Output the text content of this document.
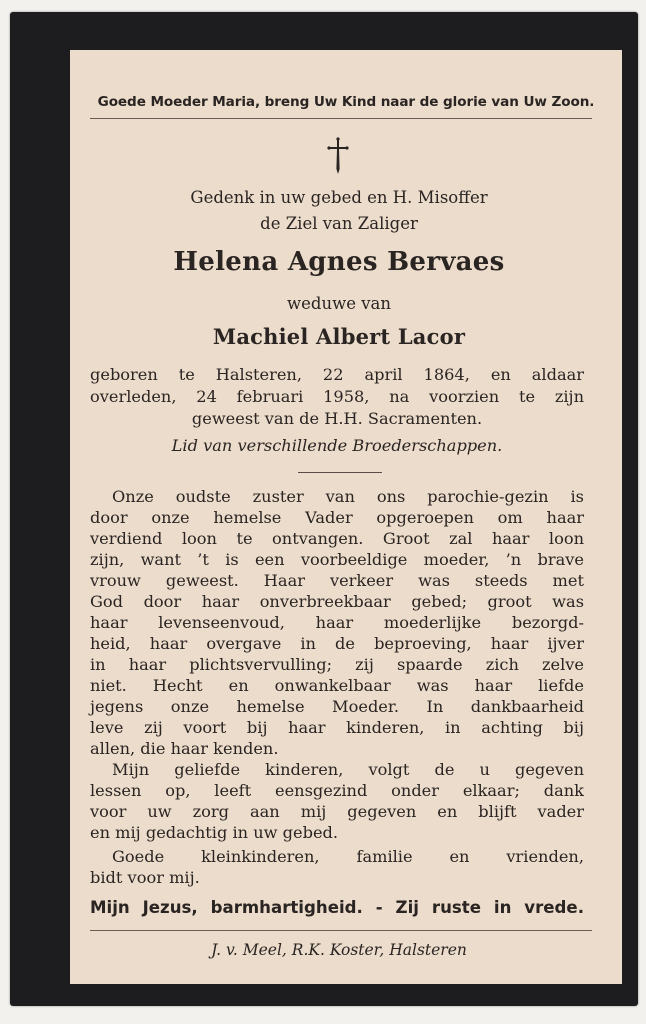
Goede Moeder Maria, breng Uw Kind naar de glorie van Uw Zoon.
Gedenk in uw gebed en H. Misoffer
de Ziel van Zaliger
Helena Agnes Bervaes
weduwe van
Machiel Albert Lacor
geboren te Halsteren, 22 april 1864, en aldaar
overleden, 24 februari 1958, na voorzien te zijn
geweest van de H.H. Sacramenten.
Lid van verschillende Broederschappen.
Onze oudste zuster van ons parochie-gezin is
door onze hemelse Vader opgeroepen om haar
verdiend loon te ontvangen. Groot zal haar loon
zijn, want ’t is een voorbeeldige moeder, ’n brave
vrouw geweest. Haar verkeer was steeds met
God door haar onverbreekbaar gebed; groot was
haar levenseenvoud, haar moederlijke bezorgd-
heid, haar overgave in de beproeving, haar ijver
in haar plichtsvervulling; zij spaarde zich zelve
niet. Hecht en onwankelbaar was haar liefde
jegens onze hemelse Moeder. In dankbaarheid
leve zij voort bij haar kinderen, in achting bij
allen, die haar kenden.
Mijn geliefde kinderen, volgt de u gegeven
lessen op, leeft eensgezind onder elkaar; dank
voor uw zorg aan mij gegeven en blijft vader
en mij gedachtig in uw gebed.
Goede kleinkinderen, familie en vrienden,
bidt voor mij.
Mijn Jezus, barmhartigheid. - Zij ruste in vrede.
J. v. Meel, R.K. Koster, Halsteren
